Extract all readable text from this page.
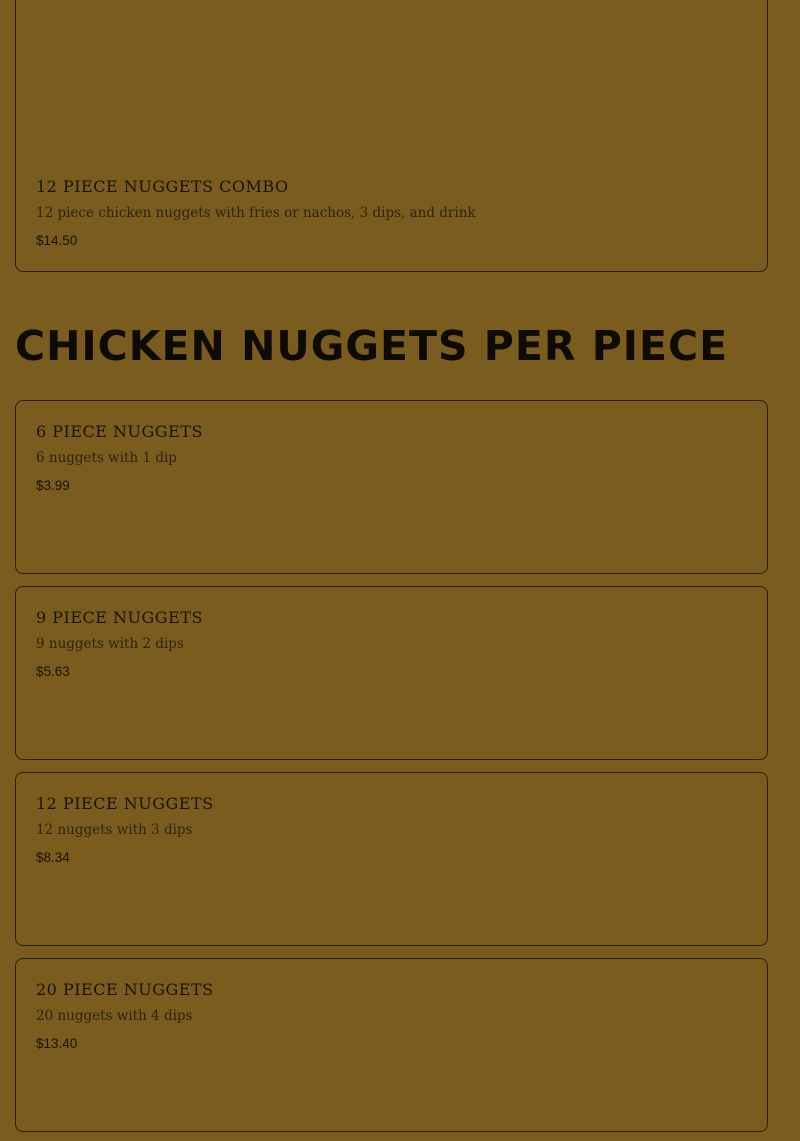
12 PIECE NUGGETS COMBO
12 piece chicken nuggets with fries or nachos, 3 dips, and drink
$14.50
CHICKEN NUGGETS PER PIECE
6 PIECE NUGGETS
6 nuggets with 1 dip
$3.99
9 PIECE NUGGETS
9 nuggets with 2 dips
$5.63
12 PIECE NUGGETS
12 nuggets with 3 dips
$8.34
20 PIECE NUGGETS
20 nuggets with 4 dips
$13.40
